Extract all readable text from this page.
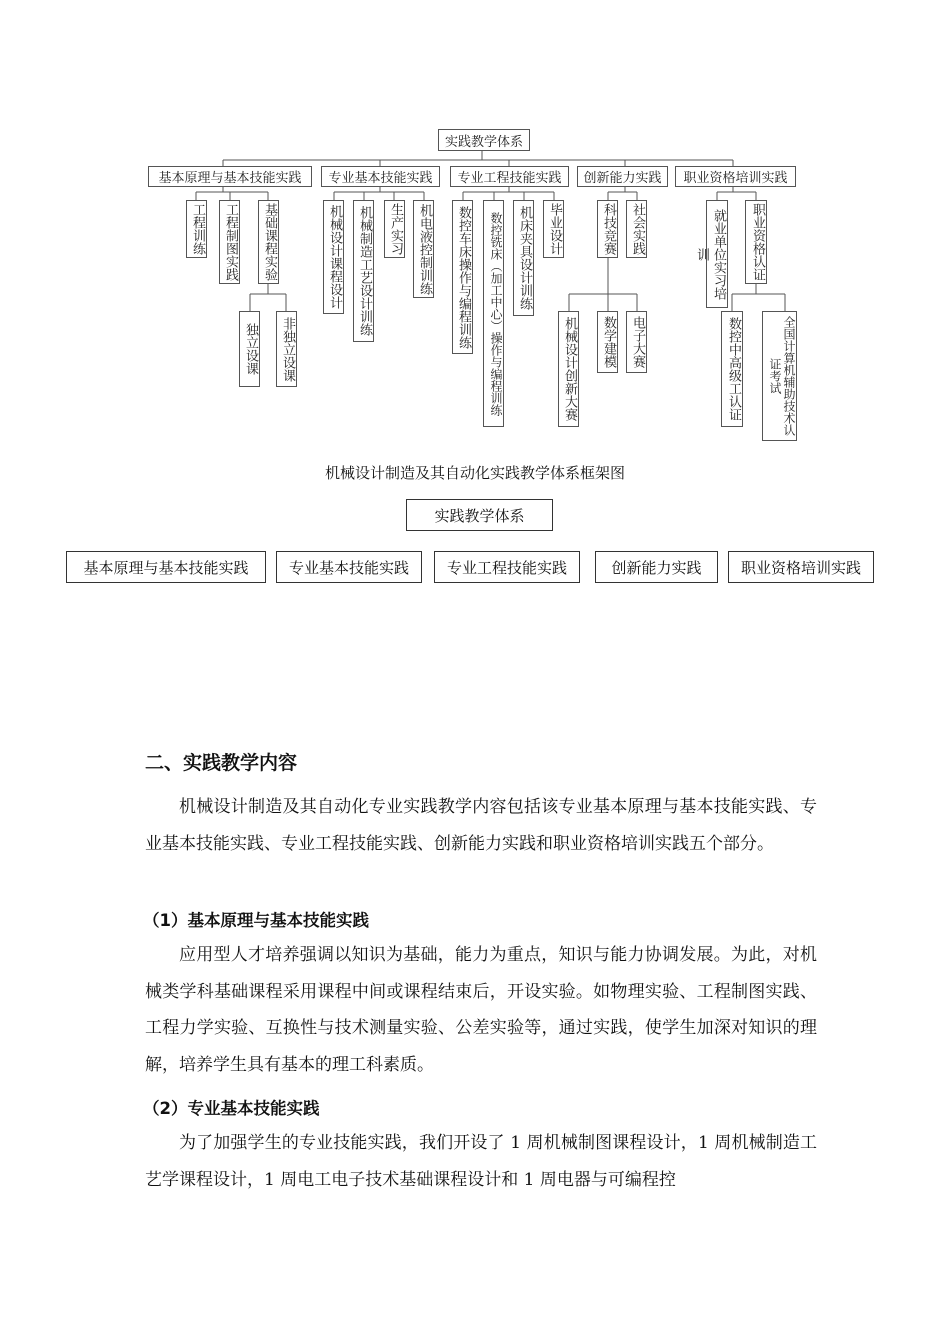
实践教学体系
基本原理与基本技能实践	专业基本技能实践	专业工程技能实践	创新能力实践	职业资格培训实践
工程训练	工程制图实践	基础课程实验
独立设课	非独立设课
机械设计课程设计	机械制造工艺设计训练	生产实习	机电液控制训练	数控车床操作与编程训练	数控铣床（加工中心）操作与编程训练	机床夹具设计训练	毕业设计	科技竞赛	社会实践
机械设计创新大赛	数学建模	电子大赛
就业单位实习培训	职业资格认证
数控中高级工认证	全国计算机辅助技术认证考试
机械设计制造及其自动化实践教学体系框架图
实践教学体系
基本原理与基本技能实践	专业基本技能实践	专业工程技能实践	创新能力实践	职业资格培训实践
二、实践教学内容
机械设计制造及其自动化专业实践教学内容包括该专业基本原理与基本技能实践、专业基本技能实践、专业工程技能实践、创新能力实践和职业资格培训实践五个部分。
（1）基本原理与基本技能实践
应用型人才培养强调以知识为基础，能力为重点，知识与能力协调发展。为此，对机械类学科基础课程采用课程中间或课程结束后，开设实验。如物理实验、工程制图实践、工程力学实验、互换性与技术测量实验、公差实验等，通过实践，使学生加深对知识的理解，培养学生具有基本的理工科素质。
（2）专业基本技能实践
为了加强学生的专业技能实践，我们开设了 1 周机械制图课程设计，1 周机械制造工艺学课程设计，1 周电工电子技术基础课程设计和 1 周电器与可编程控
